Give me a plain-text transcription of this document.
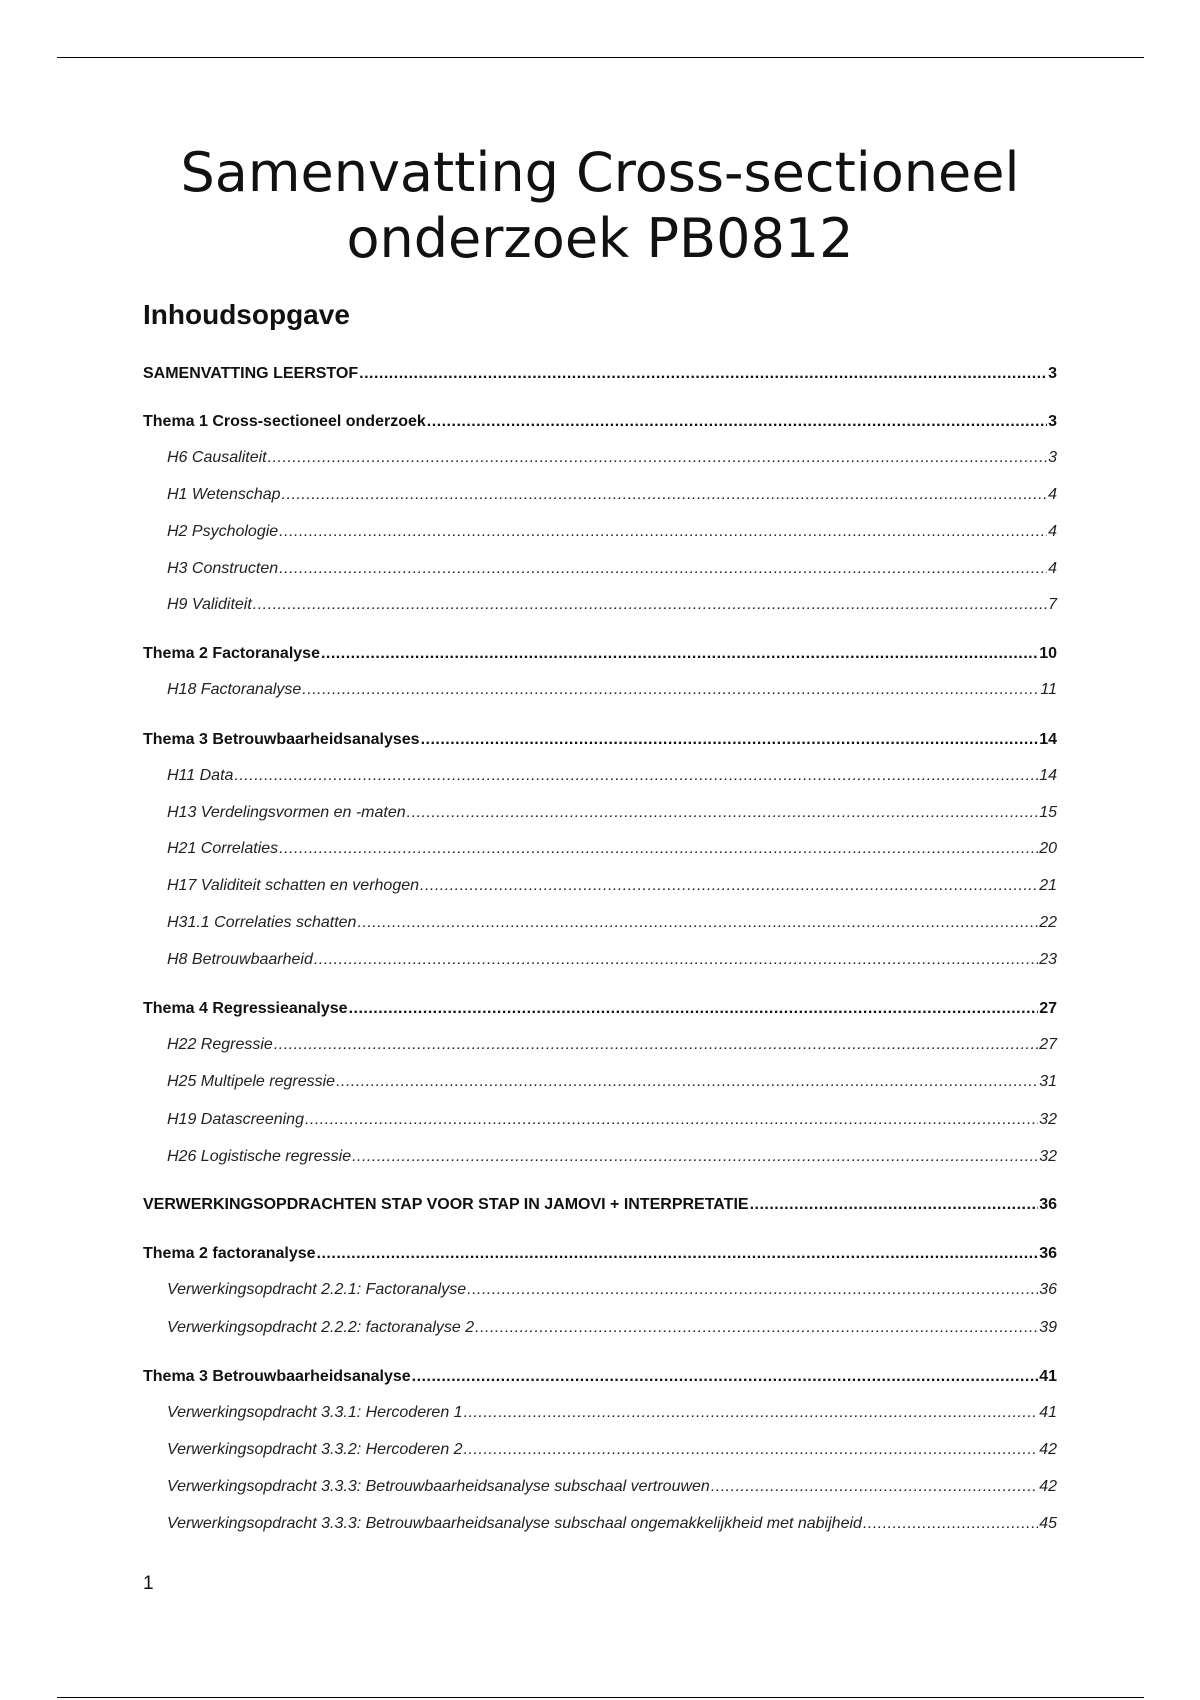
Samenvatting Cross-sectioneel
onderzoek PB0812
Inhoudsopgave
SAMENVATTING LEERSTOF .....	3
Thema 1 Cross-sectioneel onderzoek .....	3
H6 Causaliteit .....	3
H1 Wetenschap .....	4
H2 Psychologie .....	4
H3 Constructen .....	4
H9 Validiteit .....	7
Thema 2 Factoranalyse .....	10
H18 Factoranalyse .....	11
Thema 3 Betrouwbaarheidsanalyses .....	14
H11 Data .....	14
H13 Verdelingsvormen en -maten .....	15
H21 Correlaties .....	20
H17 Validiteit schatten en verhogen .....	21
H31.1 Correlaties schatten .....	22
H8 Betrouwbaarheid .....	23
Thema 4 Regressieanalyse .....	27
H22 Regressie .....	27
H25 Multipele regressie .....	31
H19 Datascreening .....	32
H26 Logistische regressie .....	32
VERWERKINGSOPDRACHTEN STAP VOOR STAP IN JAMOVI + INTERPRETATIE .....	36
Thema 2 factoranalyse .....	36
Verwerkingsopdracht 2.2.1: Factoranalyse .....	36
Verwerkingsopdracht 2.2.2: factoranalyse 2 .....	39
Thema 3 Betrouwbaarheidsanalyse .....	41
Verwerkingsopdracht 3.3.1: Hercoderen 1 .....	41
Verwerkingsopdracht 3.3.2: Hercoderen 2 .....	42
Verwerkingsopdracht 3.3.3: Betrouwbaarheidsanalyse subschaal vertrouwen .....	42
Verwerkingsopdracht 3.3.3: Betrouwbaarheidsanalyse subschaal ongemakkelijkheid met nabijheid .....	45
1
